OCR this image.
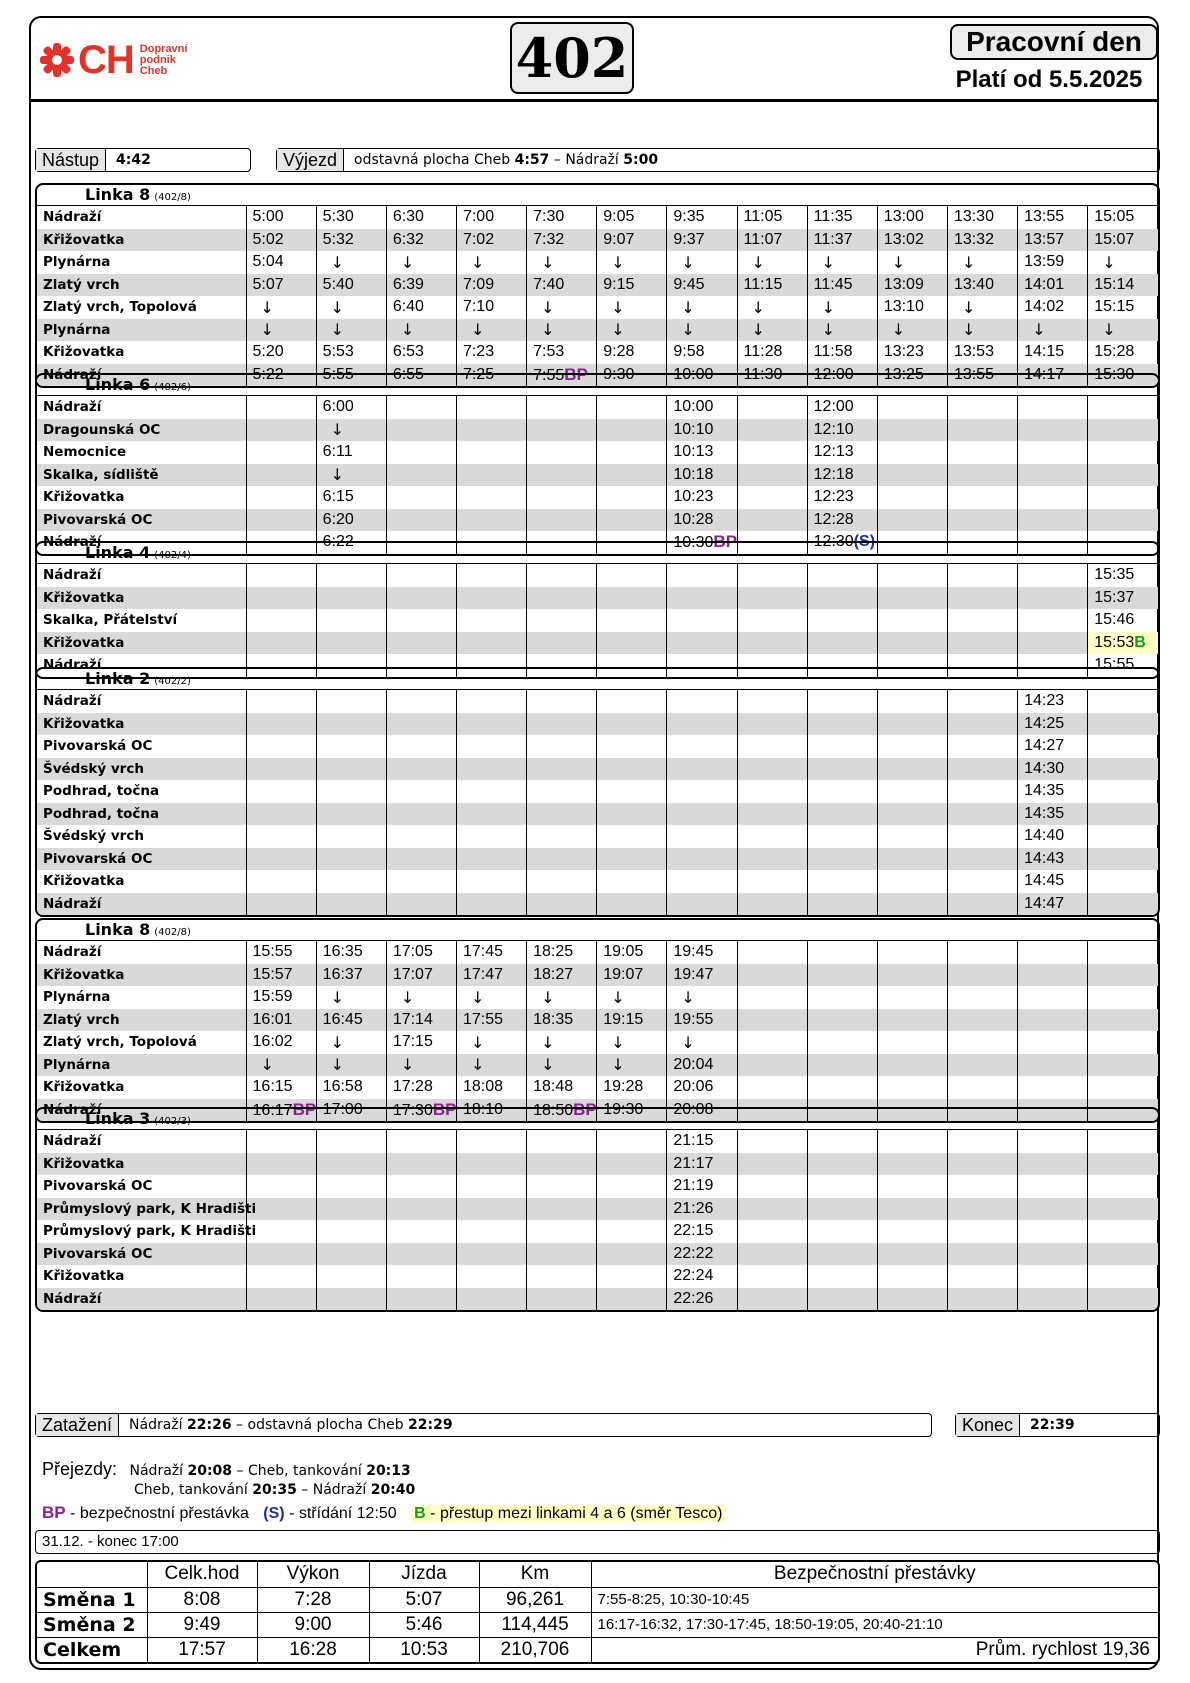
CH Dopravní
podnik
Cheb	402	Pracovní den
Platí od 5.5.2025
Nástup	4:42	Výjezd	odstavná plocha Cheb 4:57 – Nádraží 5:00
Linka 8 (402/8)
Nádraží	5:00	5:30	6:30	7:00	7:30	9:05	9:35	11:05	11:35	13:00	13:30	13:55	15:05
Křižovatka	5:02	5:32	6:32	7:02	7:32	9:07	9:37	11:07	11:37	13:02	13:32	13:57	15:07
Plynárna	5:04	↓	↓	↓	↓	↓	↓	↓	↓	↓	↓	13:59	↓
Zlatý vrch	5:07	5:40	6:39	7:09	7:40	9:15	9:45	11:15	11:45	13:09	13:40	14:01	15:14
Zlatý vrch, Topolová	↓	↓	6:40	7:10	↓	↓	↓	↓	↓	13:10	↓	14:02	15:15
Plynárna	↓	↓	↓	↓	↓	↓	↓	↓	↓	↓	↓	↓	↓
Křižovatka	5:20	5:53	6:53	7:23	7:53	9:28	9:58	11:28	11:58	13:23	13:53	14:15	15:28
Nádraží	5:22	5:55	6:55	7:25	7:55BP	9:30	10:00	11:30	12:00	13:25	13:55	14:17	15:30
Linka 6 (402/6)
Nádraží		6:00					10:00		12:00				
Dragounská OC		↓					10:10		12:10				
Nemocnice		6:11					10:13		12:13				
Skalka, sídliště		↓					10:18		12:18				
Křižovatka		6:15					10:23		12:23				
Pivovarská OC		6:20					10:28		12:28				
Nádraží		6:22					10:30BP		12:30(S)				
Linka 4 (402/4)
Nádraží													15:35
Křižovatka													15:37
Skalka, Přátelství													15:46
Křižovatka													15:53B
Nádraží													15:55
Linka 2 (402/2)
Nádraží												14:23	
Křižovatka												14:25	
Pivovarská OC												14:27	
Švédský vrch												14:30	
Podhrad, točna												14:35	
Podhrad, točna												14:35	
Švédský vrch												14:40	
Pivovarská OC												14:43	
Křižovatka												14:45	
Nádraží												14:47	
Linka 8 (402/8)
Nádraží	15:55	16:35	17:05	17:45	18:25	19:05	19:45						
Křižovatka	15:57	16:37	17:07	17:47	18:27	19:07	19:47						
Plynárna	15:59	↓	↓	↓	↓	↓	↓						
Zlatý vrch	16:01	16:45	17:14	17:55	18:35	19:15	19:55						
Zlatý vrch, Topolová	16:02	↓	17:15	↓	↓	↓	↓						
Plynárna	↓	↓	↓	↓	↓	↓	20:04						
Křižovatka	16:15	16:58	17:28	18:08	18:48	19:28	20:06						
Nádraží	16:17BP	17:00	17:30BP	18:10	18:50BP	19:30	20:08						
Linka 3 (402/3)
Nádraží							21:15						
Křižovatka							21:17						
Pivovarská OC							21:19						
Průmyslový park, K Hradišti							21:26						
Průmyslový park, K Hradišti							22:15						
Pivovarská OC							22:22						
Křižovatka							22:24						
Nádraží							22:26						
Zatažení	Nádraží 22:26 – odstavná plocha Cheb 22:29	Konec	22:39
Přejezdy: Nádraží 20:08 – Cheb, tankování 20:13
Cheb, tankování 20:35 – Nádraží 20:40
BP - bezpečnostní přestávka (S) - střídání 12:50 B - přestup mezi linkami 4 a 6 (směr Tesco)
31.12. - konec 17:00
	Celk.hod	Výkon	Jízda	Km	Bezpečnostní přestávky
Směna 1	8:08	7:28	5:07	96,261	7:55-8:25, 10:30-10:45
Směna 2	9:49	9:00	5:46	114,445	16:17-16:32, 17:30-17:45, 18:50-19:05, 20:40-21:10
Celkem	17:57	16:28	10:53	210,706	Prům. rychlost 19,36
